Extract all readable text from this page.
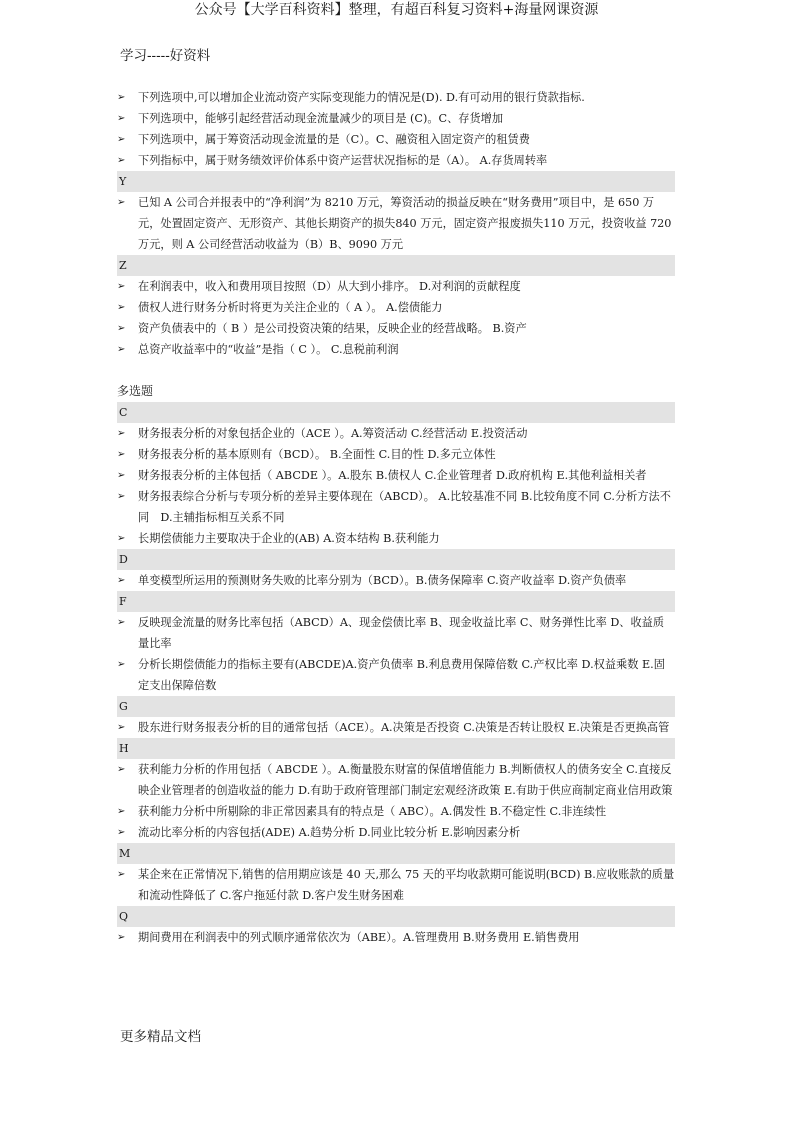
公众号【大学百科资料】整理，有超百科复习资料+海量网课资源
学习-----好资料
➢ 下列选项中,可以增加企业流动资产实际变现能力的情况是(D). D.有可动用的银行贷款指标.
➢ 下列选项中，能够引起经营活动现金流量减少的项目是 (C)。C、存货增加
➢ 下列选项中，属于筹资活动现金流量的是（C）。C、融资租入固定资产的租赁费
➢ 下列指标中，属于财务绩效评价体系中资产运营状况指标的是（A）。 A.存货周转率
Y
➢ 已知 A 公司合并报表中的“净利润”为 8210 万元，筹资活动的损益反映在“财务费用”项目中，是 650 万元，处置固定资产、无形资产、其他长期资产的损失840 万元，固定资产报废损失110 万元，投资收益 720 万元，则 A 公司经营活动收益为（B）B、9090 万元
Z
➢ 在利润表中，收入和费用项目按照（D）从大到小排序。 D.对利润的贡献程度
➢ 债权人进行财务分析时将更为关注企业的（ A ）。 A.偿债能力
➢ 资产负债表中的（ B ）是公司投资决策的结果，反映企业的经营战略。 B.资产
➢ 总资产收益率中的“收益”是指（ C ）。 C.息税前利润
多选题
C
➢ 财务报表分析的对象包括企业的（ACE ）。A.筹资活动 C.经营活动 E.投资活动
➢ 财务报表分析的基本原则有（BCD）。 B.全面性 C.目的性 D.多元立体性
➢ 财务报表分析的主体包括（ ABCDE ）。A.股东 B.债权人 C.企业管理者 D.政府机构 E.其他利益相关者
➢ 财务报表综合分析与专项分析的差异主要体现在（ABCD）。 A.比较基准不同 B.比较角度不同 C.分析方法不同　D.主辅指标相互关系不同
➢ 长期偿债能力主要取决于企业的(AB) A.资本结构 B.获利能力
D
➢ 单变模型所运用的预测财务失败的比率分别为（BCD）。B.债务保障率 C.资产收益率 D.资产负债率
F
➢ 反映现金流量的财务比率包括（ABCD）A、现金偿债比率 B、现金收益比率 C、财务弹性比率 D、收益质量比率
➢ 分析长期偿债能力的指标主要有(ABCDE)A.资产负债率 B.利息费用保障倍数 C.产权比率 D.权益乘数 E.固定支出保障倍数
G
➢ 股东进行财务报表分析的目的通常包括（ACE）。A.决策是否投资 C.决策是否转让股权 E.决策是否更换高管
H
➢ 获利能力分析的作用包括（ ABCDE ）。A.衡量股东财富的保值增值能力 B.判断债权人的债务安全 C.直接反映企业管理者的创造收益的能力 D.有助于政府管理部门制定宏观经济政策 E.有助于供应商制定商业信用政策
➢ 获利能力分析中所剔除的非正常因素具有的特点是（ ABC）。A.偶发性 B.不稳定性 C.非连续性
➢ 流动比率分析的内容包括(ADE) A.趋势分析 D.同业比较分析 E.影响因素分析
M
➢ 某企来在正常情况下,销售的信用期应该是 40 天,那么 75 天的平均收款期可能说明(BCD) B.应收账款的质量和流动性降低了 C.客户拖延付款 D.客户发生财务困难
Q
➢ 期间费用在利润表中的列式顺序通常依次为（ABE）。A.管理费用 B.财务费用 E.销售费用
更多精品文档
